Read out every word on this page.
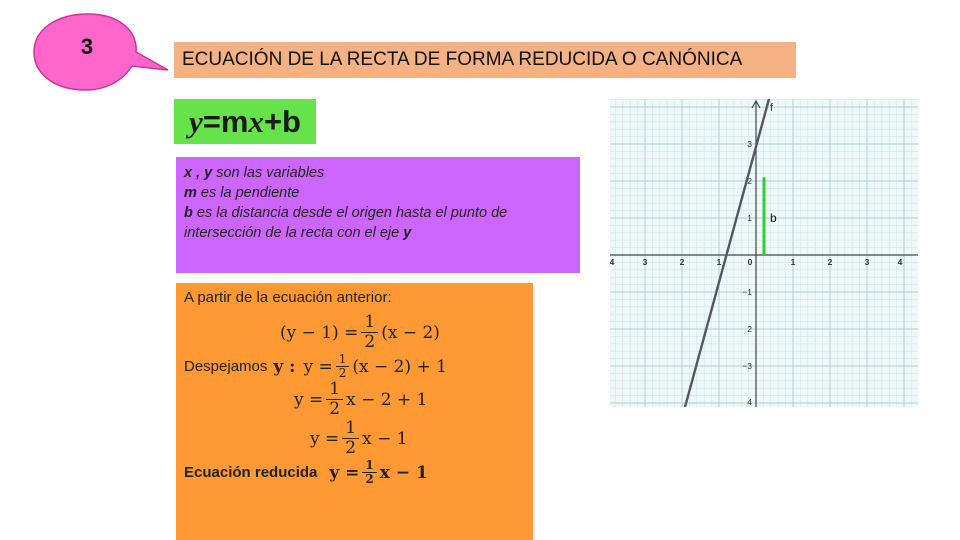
3
ECUACIÓN DE LA RECTA DE FORMA REDUCIDA O CANÓNICA
y =m x +b
x , y son las variables
m es la pendiente
b es la distancia desde el origen hasta el punto de intersección de la recta con el eje y
A partir de la ecuación anterior:
$(y - 1) = \frac{1}{2} (x - 2)$
Despejamos y : $y = \frac{1}{2} (x - 2) + 1$
$y = \frac{1}{2}$ x − 2 + 1
$y = \frac{1}{2}$ x − 1
Ecuación reducida $y = \frac{1}{2}$ x − 1
f
4	3	2	1	0	1	2	3	4
3
2
1
−1
2
−3
4
b
